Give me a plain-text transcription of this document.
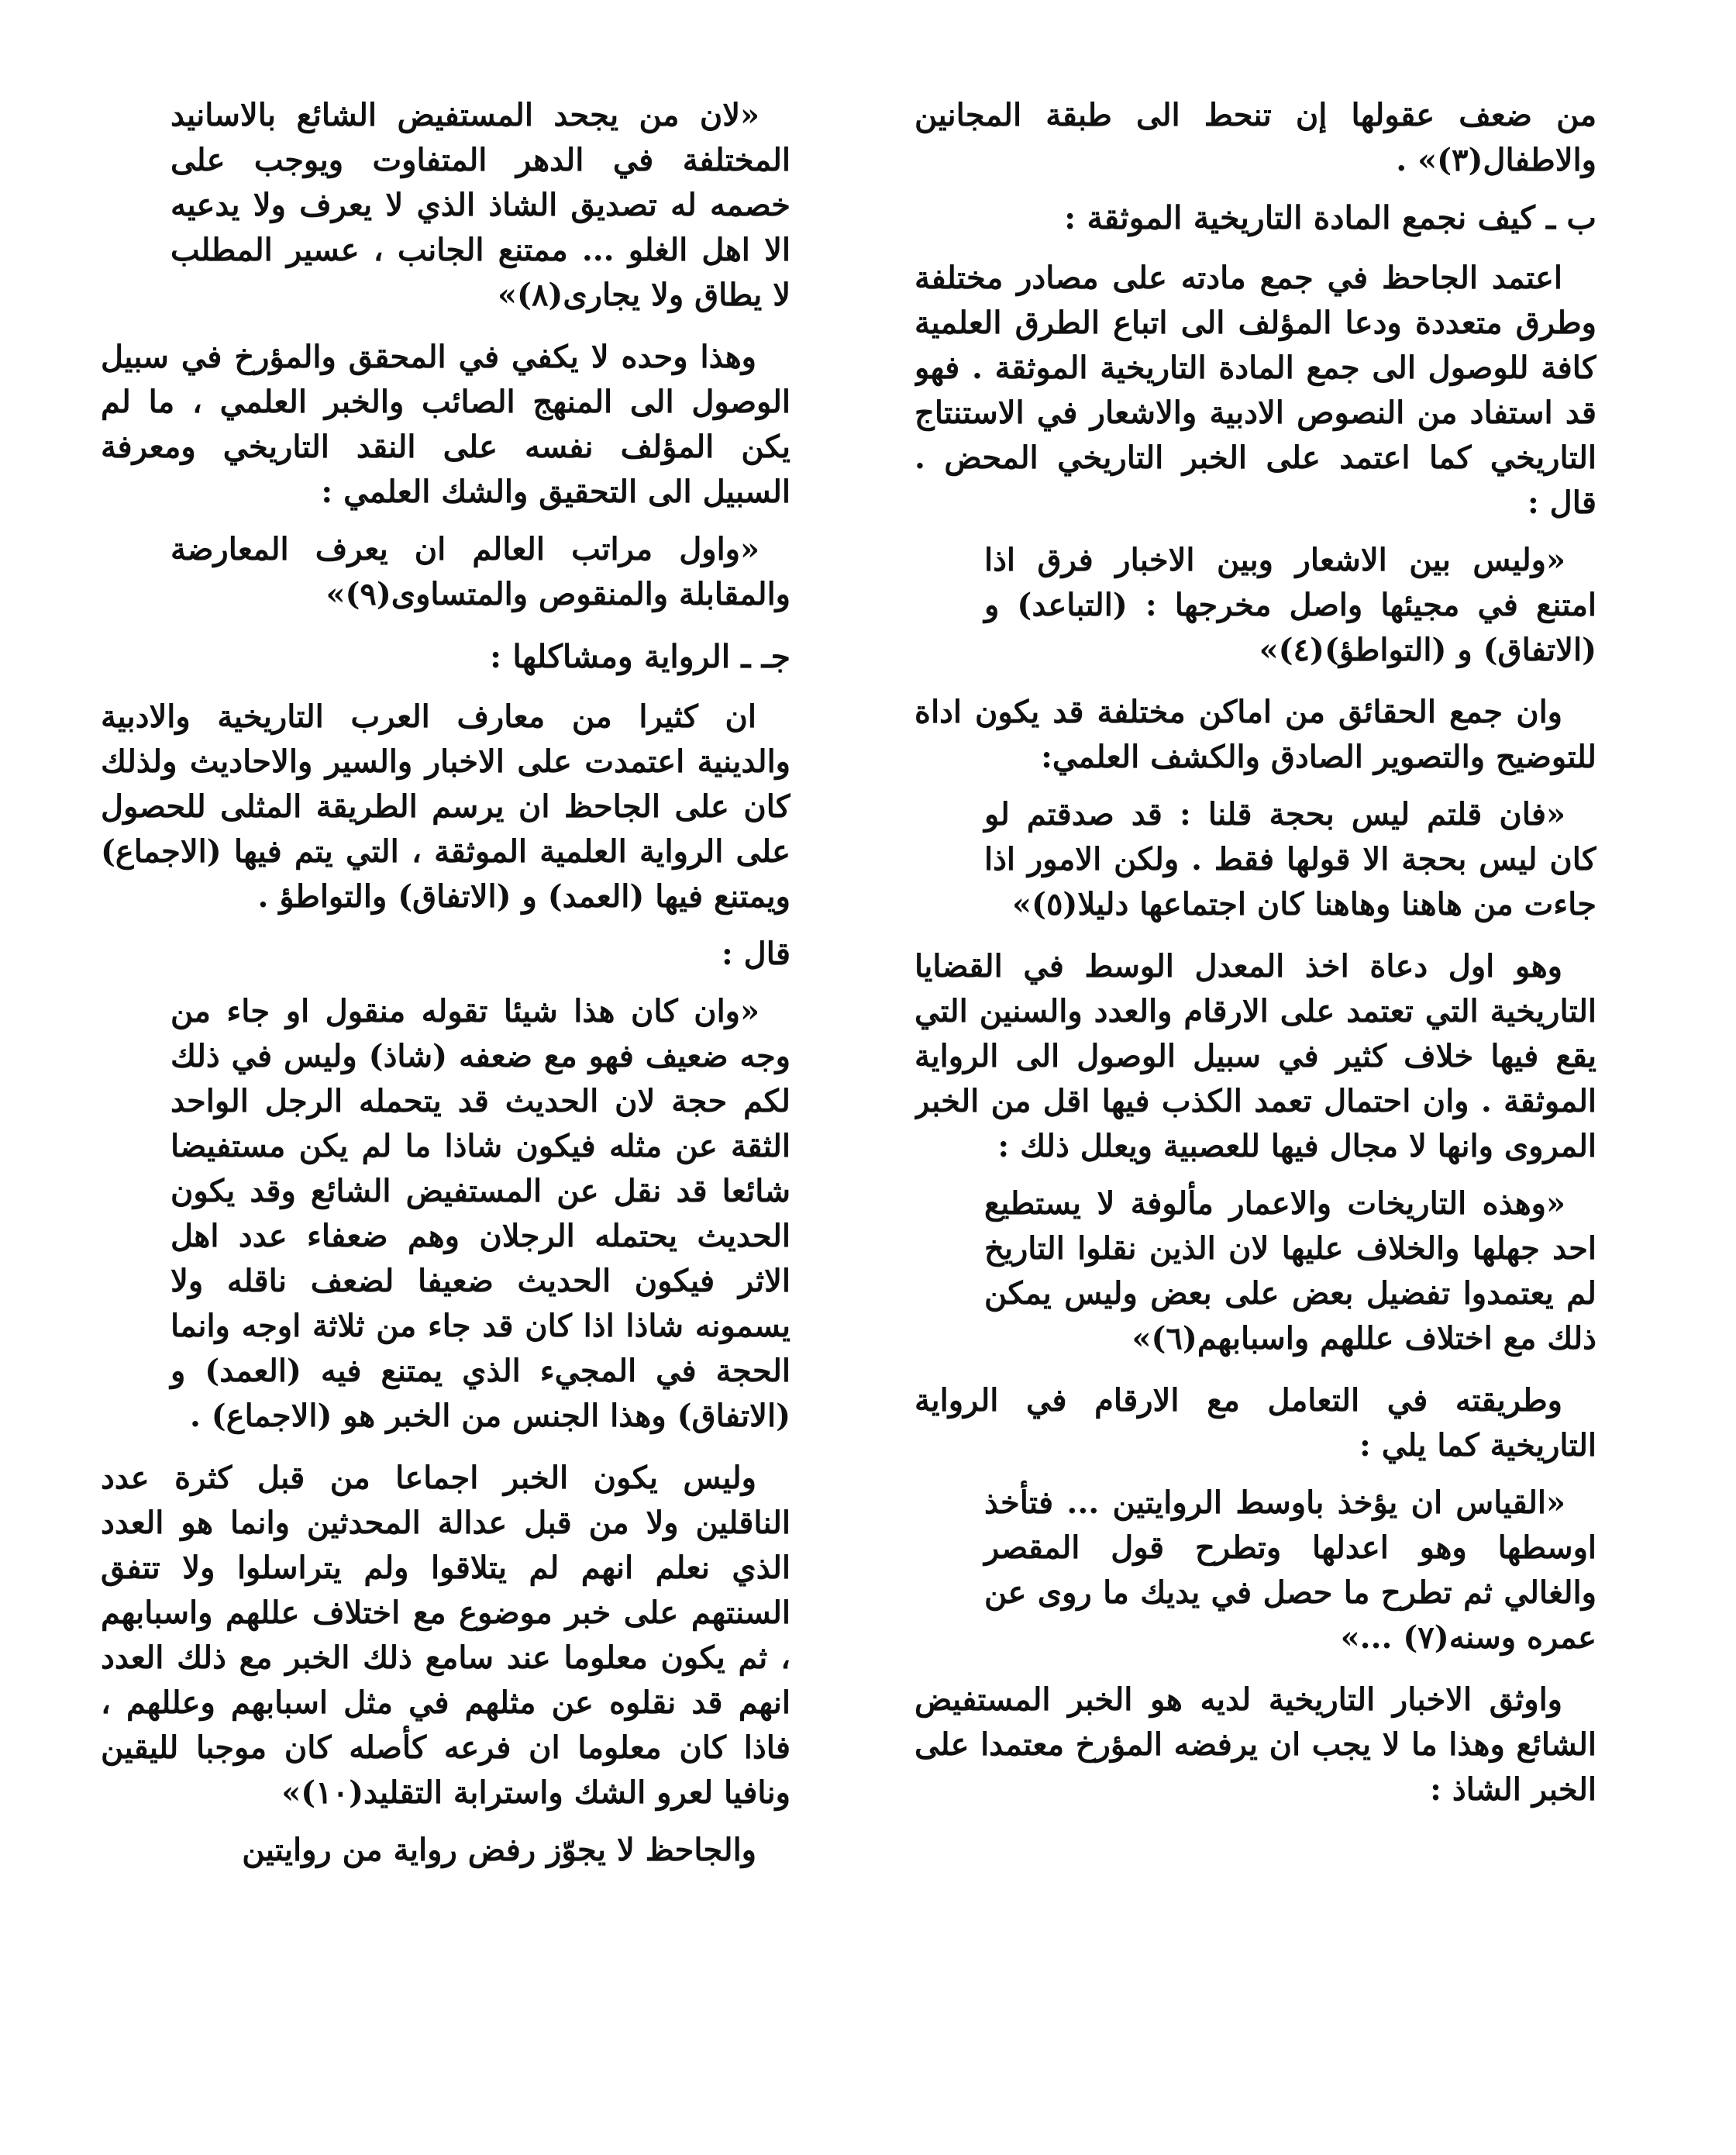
من ضعف عقولها إن تنحط الى طبقة المجانين والاطفال(٣)» .

ب ـ كيف نجمع المادة التاريخية الموثقة :

اعتمد الجاحظ في جمع مادته على مصادر مختلفة وطرق متعددة ودعا المؤلف الى اتباع الطرق العلمية كافة للوصول الى جمع المادة التاريخية الموثقة . فهو قد استفاد من النصوص الادبية والاشعار في الاستنتاج التاريخي كما اعتمد على الخبر التاريخي المحض . قال :

«وليس بين الاشعار وبين الاخبار فرق اذا امتنع في مجيئها واصل مخرجها : (التباعد) و (الاتفاق) و (التواطؤ)(٤)»

وان جمع الحقائق من اماكن مختلفة قد يكون اداة للتوضيح والتصوير الصادق والكشف العلمي:

«فان قلتم ليس بحجة قلنا : قد صدقتم لو كان ليس بحجة الا قولها فقط . ولكن الامور اذا جاءت من هاهنا وهاهنا كان اجتماعها دليلا(٥)»

وهو اول دعاة اخذ المعدل الوسط في القضايا التاريخية التي تعتمد على الارقام والعدد والسنين التي يقع فيها خلاف كثير في سبيل الوصول الى الرواية الموثقة . وان احتمال تعمد الكذب فيها اقل من الخبر المروى وانها لا مجال فيها للعصبية ويعلل ذلك :

«وهذه التاريخات والاعمار مألوفة لا يستطيع احد جهلها والخلاف عليها لان الذين نقلوا التاريخ لم يعتمدوا تفضيل بعض على بعض وليس يمكن ذلك مع اختلاف عللهم واسبابهم(٦)»

وطريقته في التعامل مع الارقام في الرواية التاريخية كما يلي :

«القياس ان يؤخذ باوسط الروايتين ... فتأخذ اوسطها وهو اعدلها وتطرح قول المقصر والغالي ثم تطرح ما حصل في يديك ما روى عن عمره وسنه(٧) ...»

واوثق الاخبار التاريخية لديه هو الخبر المستفيض الشائع وهذا ما لا يجب ان يرفضه المؤرخ معتمدا على الخبر الشاذ :

«لان من يجحد المستفيض الشائع بالاسانيد المختلفة في الدهر المتفاوت ويوجب على خصمه له تصديق الشاذ الذي لا يعرف ولا يدعيه الا اهل الغلو ... ممتنع الجانب ، عسير المطلب لا يطاق ولا يجارى(٨)»

وهذا وحده لا يكفي في المحقق والمؤرخ في سبيل الوصول الى المنهج الصائب والخبر العلمي ، ما لم يكن المؤلف نفسه على النقد التاريخي ومعرفة السبيل الى التحقيق والشك العلمي :

«واول مراتب العالم ان يعرف المعارضة والمقابلة والمنقوص والمتساوى(٩)»

جـ ـ الرواية ومشاكلها :

ان كثيرا من معارف العرب التاريخية والادبية والدينية اعتمدت على الاخبار والسير والاحاديث ولذلك كان على الجاحظ ان يرسم الطريقة المثلى للحصول على الرواية العلمية الموثقة ، التي يتم فيها (الاجماع) ويمتنع فيها (العمد) و (الاتفاق) والتواطؤ .

قال :

«وان كان هذا شيئا تقوله منقول او جاء من وجه ضعيف فهو مع ضعفه (شاذ) وليس في ذلك لكم حجة لان الحديث قد يتحمله الرجل الواحد الثقة عن مثله فيكون شاذا ما لم يكن مستفيضا شائعا قد نقل عن المستفيض الشائع وقد يكون الحديث يحتمله الرجلان وهم ضعفاء عدد اهل الاثر فيكون الحديث ضعيفا لضعف ناقله ولا يسمونه شاذا اذا كان قد جاء من ثلاثة اوجه وانما الحجة في المجيء الذي يمتنع فيه (العمد) و (الاتفاق) وهذا الجنس من الخبر هو (الاجماع) .

وليس يكون الخبر اجماعا من قبل كثرة عدد الناقلين ولا من قبل عدالة المحدثين وانما هو العدد الذي نعلم انهم لم يتلاقوا ولم يتراسلوا ولا تتفق السنتهم على خبر موضوع مع اختلاف عللهم واسبابهم ، ثم يكون معلوما عند سامع ذلك الخبر مع ذلك العدد انهم قد نقلوه عن مثلهم في مثل اسبابهم وعللهم ، فاذا كان معلوما ان فرعه كأصله كان موجبا لليقين ونافيا لعرو الشك واسترابة التقليد(١٠)»

والجاحظ لا يجوّز رفض رواية من روايتين
